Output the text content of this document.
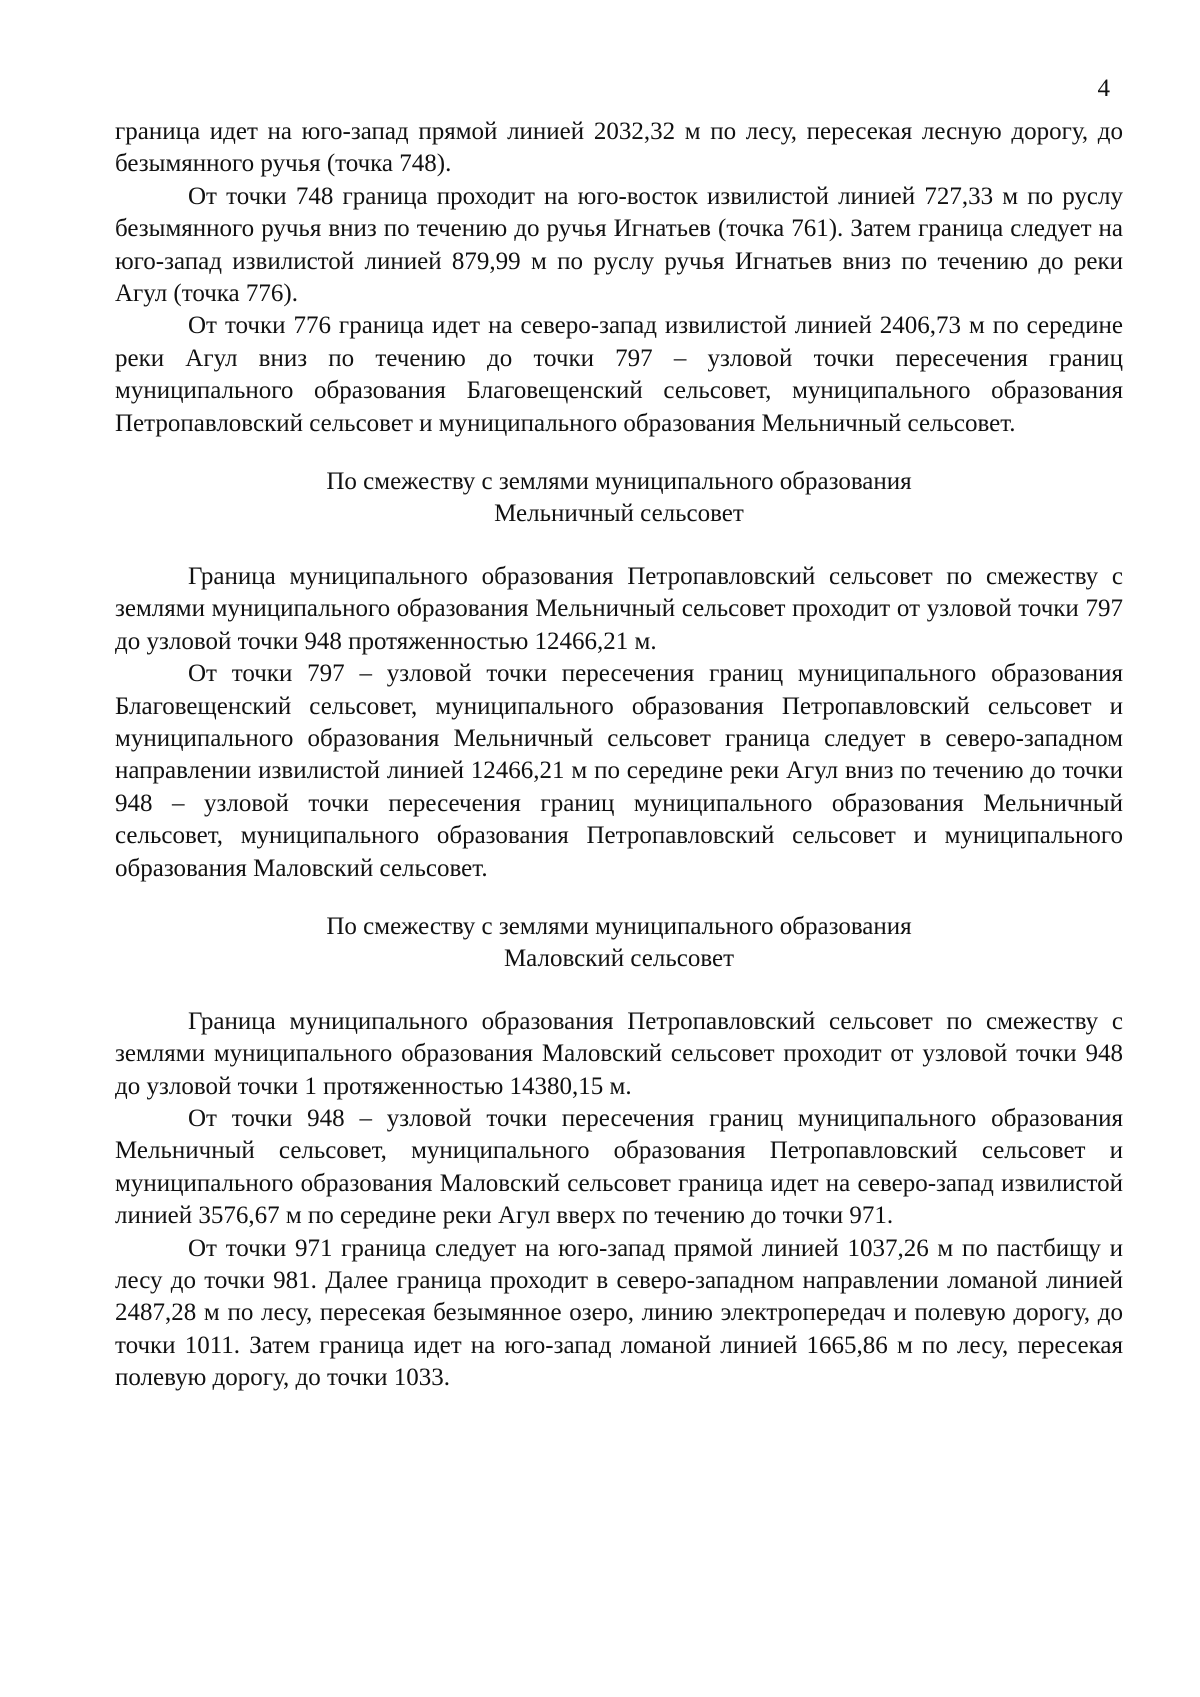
4

граница идет на юго-запад прямой линией 2032,32 м по лесу, пересекая лесную дорогу, до безымянного ручья (точка 748).

От точки 748 граница проходит на юго-восток извилистой линией 727,33 м по руслу безымянного ручья вниз по течению до ручья Игнатьев (точка 761). Затем граница следует на юго-запад извилистой линией 879,99 м по руслу ручья Игнатьев вниз по течению до реки Агул (точка 776).

От точки 776 граница идет на северо-запад извилистой линией 2406,73 м по середине реки Агул вниз по течению до точки 797 – узловой точки пересечения границ муниципального образования Благовещенский сельсовет, муниципального образования Петропавловский сельсовет и муниципального образования Мельничный сельсовет.

По смежеству с землями муниципального образования

Мельничный сельсовет

Граница муниципального образования Петропавловский сельсовет по смежеству с землями муниципального образования Мельничный сельсовет проходит от узловой точки 797 до узловой точки 948 протяженностью 12466,21 м.

От точки 797 – узловой точки пересечения границ муниципального образования Благовещенский сельсовет, муниципального образования Петропавловский сельсовет и муниципального образования Мельничный сельсовет граница следует в северо-западном направлении извилистой линией 12466,21 м по середине реки Агул вниз по течению до точки 948 – узловой точки пересечения границ муниципального образования Мельничный сельсовет, муниципального образования Петропавловский сельсовет и муниципального образования Маловский сельсовет.

По смежеству с землями муниципального образования

Маловский сельсовет

Граница муниципального образования Петропавловский сельсовет по смежеству с землями муниципального образования Маловский сельсовет проходит от узловой точки 948 до узловой точки 1 протяженностью 14380,15 м.

От точки 948 – узловой точки пересечения границ муниципального образования Мельничный сельсовет, муниципального образования Петропавловский сельсовет и муниципального образования Маловский сельсовет граница идет на северо-запад извилистой линией 3576,67 м по середине реки Агул вверх по течению до точки 971.

От точки 971 граница следует на юго-запад прямой линией 1037,26 м по пастбищу и лесу до точки 981. Далее граница проходит в северо-западном направлении ломаной линией 2487,28 м по лесу, пересекая безымянное озеро, линию электропередач и полевую дорогу, до точки 1011. Затем граница идет на юго-запад ломаной линией 1665,86 м по лесу, пересекая полевую дорогу, до точки 1033.
